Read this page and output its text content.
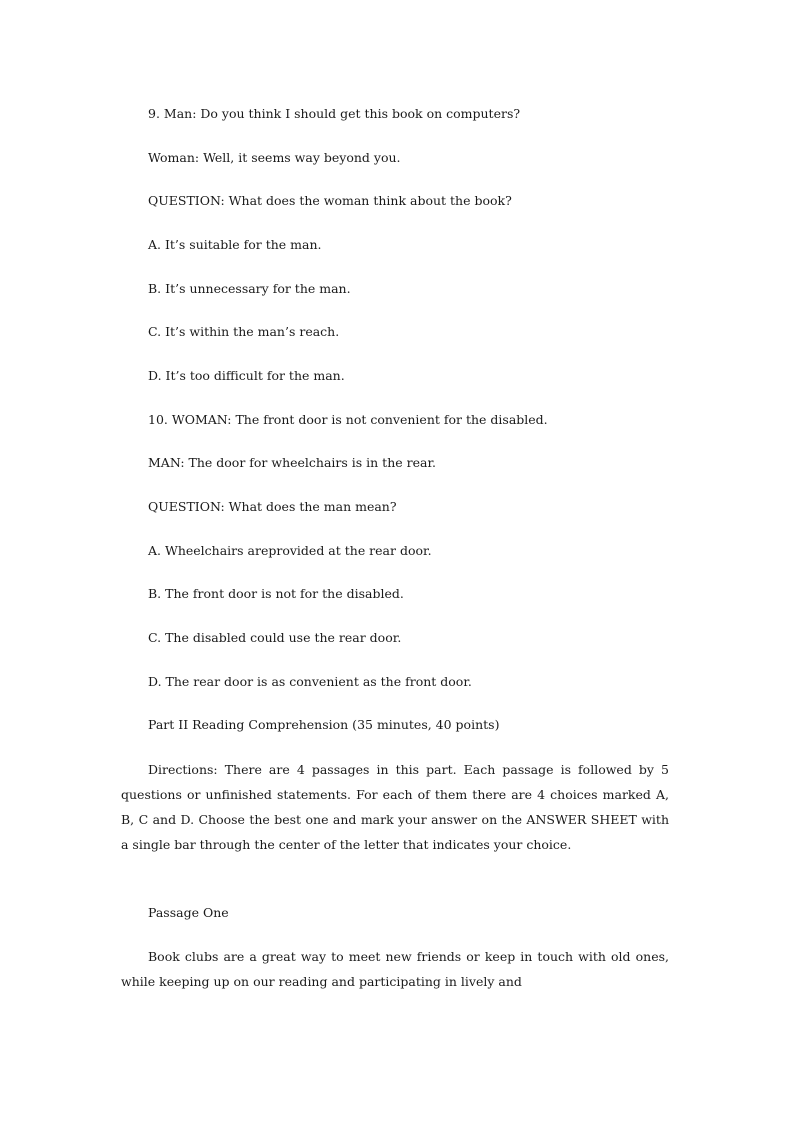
9. Man: Do you think I should get this book on computers?
Woman: Well, it seems way beyond you.
QUESTION: What does the woman think about the book?
A. It’s suitable for the man.
B. It’s unnecessary for the man.
C. It’s within the man’s reach.
D. It’s too difficult for the man.
10. WOMAN: The front door is not convenient for the disabled.
MAN: The door for wheelchairs is in the rear.
QUESTION: What does the man mean?
A. Wheelchairs areprovided at the rear door.
B. The front door is not for the disabled.
C. The disabled could use the rear door.
D. The rear door is as convenient as the front door.
Part II Reading Comprehension (35 minutes, 40 points)

Directions: There are 4 passages in this part. Each passage is followed by 5 questions or unfinished statements. For each of them there are 4 choices marked A, B, C and D. Choose the best one and mark your answer on the ANSWER SHEET with a single bar through the center of the letter that indicates your choice.

Passage One

Book clubs are a great way to meet new friends or keep in touch with old ones, while keeping up on our reading and participating in lively and
